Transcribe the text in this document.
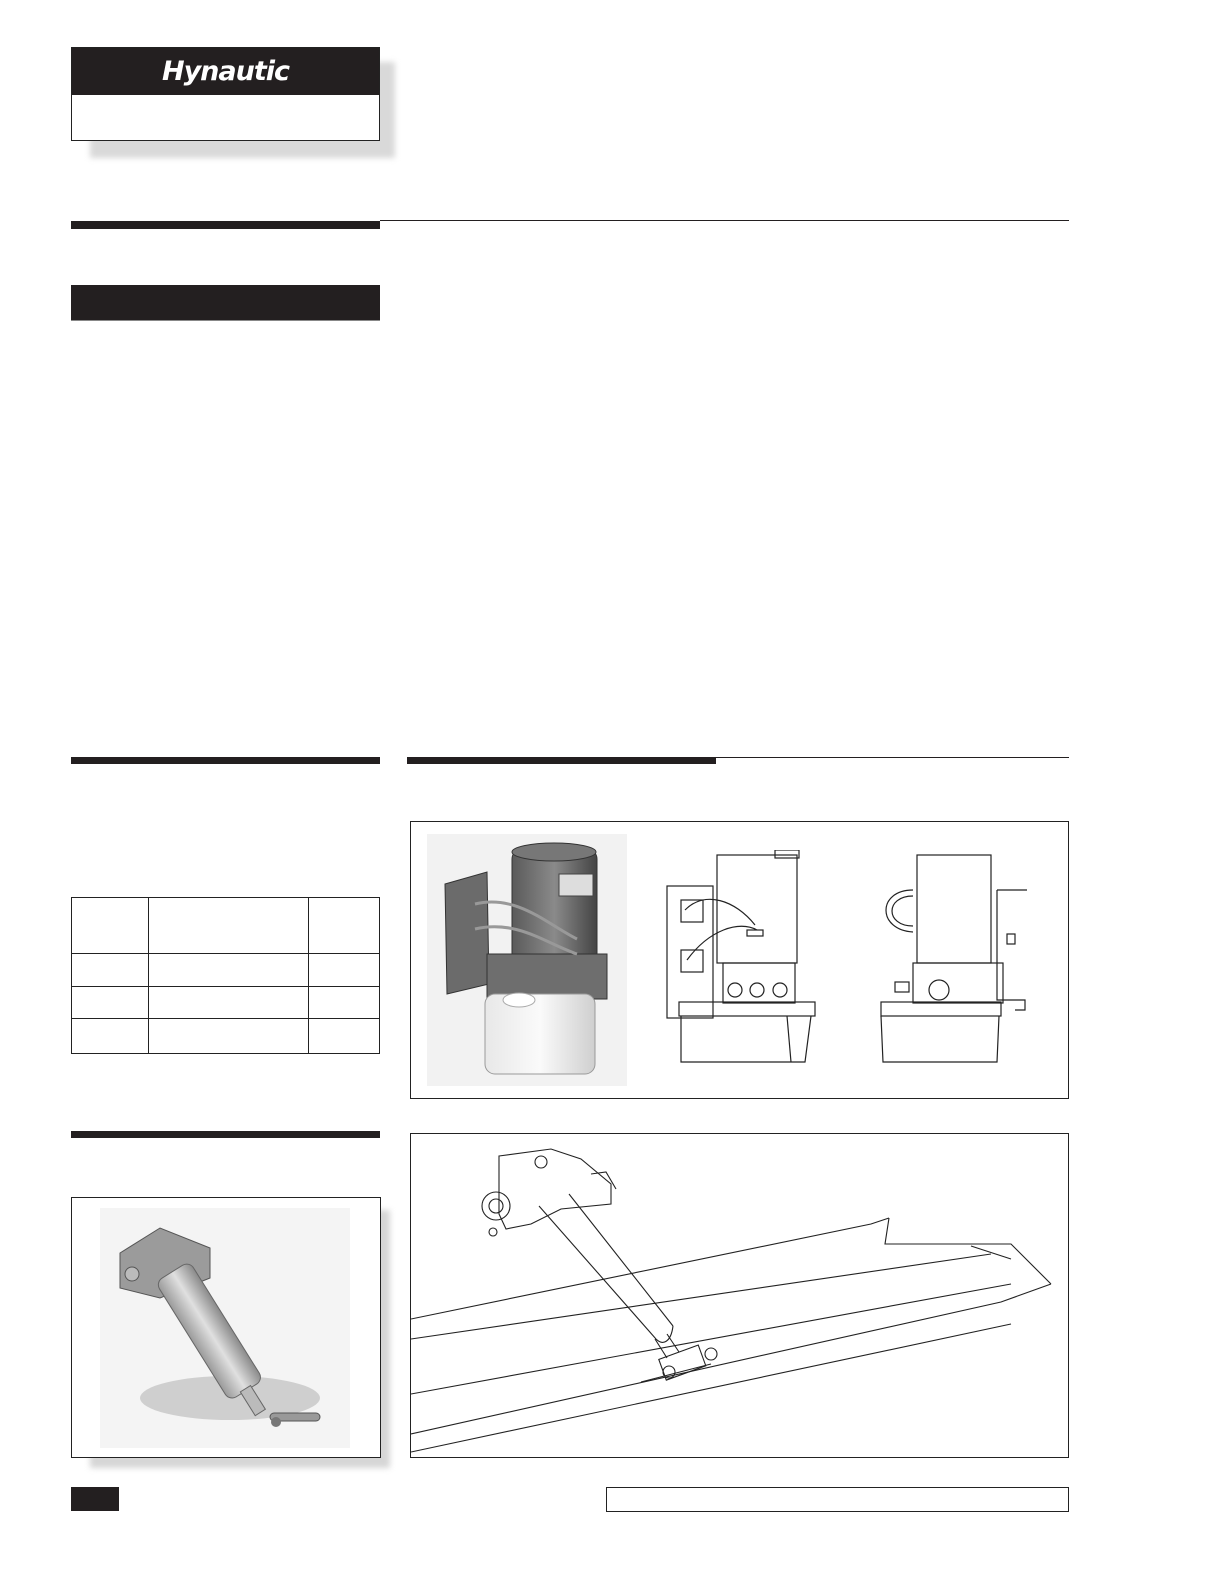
Hynautic
